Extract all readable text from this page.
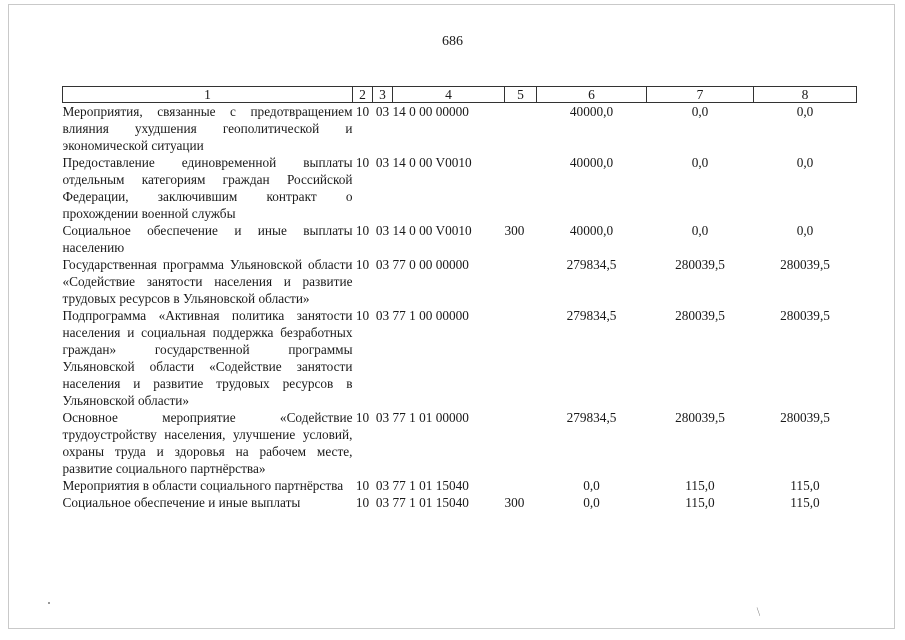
686
1	2	3	4	5	6	7	8
Мероприятия, связанные с предотвращением влияния ухудшения геополитической и экономической ситуации	10	03	14 0 00 00000		40000,0	0,0	0,0
Предоставление единовременной выплаты отдельным категориям граждан Российской Федерации, заключившим контракт о прохождении военной службы	10	03	14 0 00 V0010		40000,0	0,0	0,0
Социальное обеспечение и иные выплаты населению	10	03	14 0 00 V0010	300	40000,0	0,0	0,0
Государственная программа Ульяновской области «Содействие занятости населения и развитие трудовых ресурсов в Ульяновской области»	10	03	77 0 00 00000		279834,5	280039,5	280039,5
Подпрограмма «Активная политика занятости населения и социальная поддержка безработных граждан» государственной программы Ульяновской области «Содействие занятости населения и развитие трудовых ресурсов в Ульяновской области»	10	03	77 1 00 00000		279834,5	280039,5	280039,5
Основное мероприятие «Содействие трудоустройству населения, улучшение условий, охраны труда и здоровья на рабочем месте, развитие социального партнёрства»	10	03	77 1 01 00000		279834,5	280039,5	280039,5
Мероприятия в области социального партнёрства	10	03	77 1 01 15040		0,0	115,0	115,0
Социальное обеспечение и иные выплаты	10	03	77 1 01 15040	300	0,0	115,0	115,0
⁄
